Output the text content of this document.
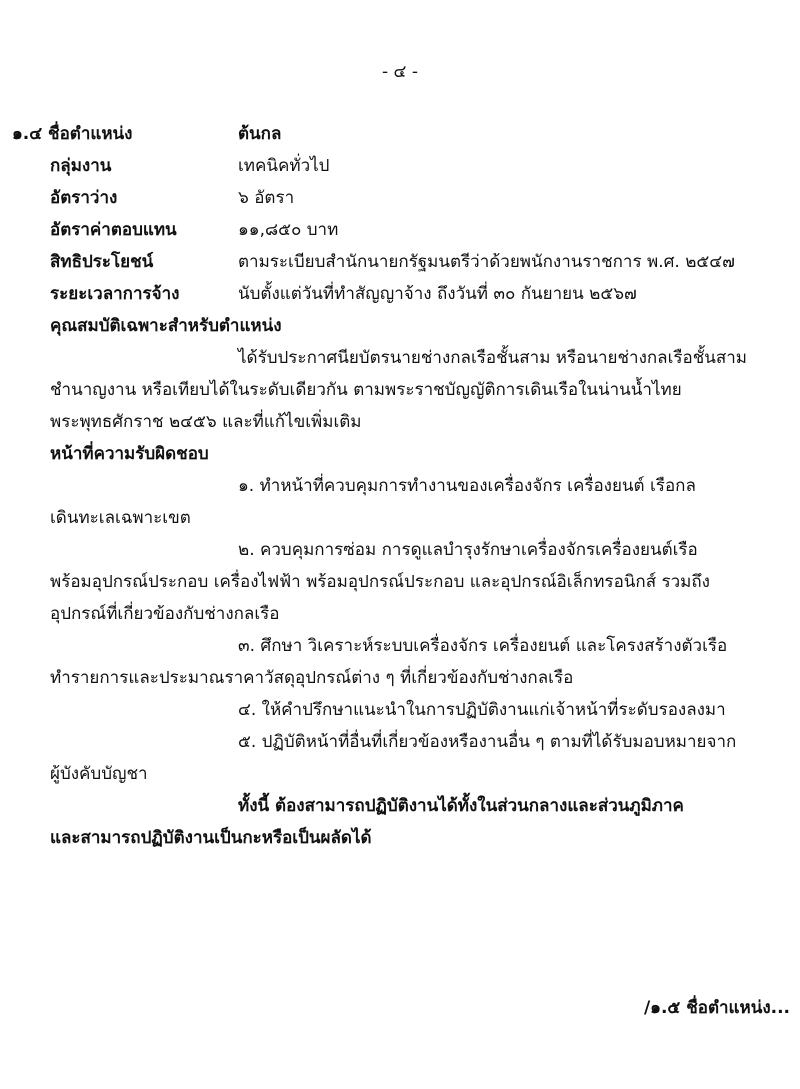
- ๔ -
๑.๔ ชื่อตำแหน่ง	ต้นกล
กลุ่มงาน	เทคนิคทั่วไป
อัตราว่าง	๖ อัตรา
อัตราค่าตอบแทน	๑๑,๘๕๐ บาท
สิทธิประโยชน์	ตามระเบียบสำนักนายกรัฐมนตรีว่าด้วยพนักงานราชการ พ.ศ. ๒๕๔๗
ระยะเวลาการจ้าง	นับตั้งแต่วันที่ทำสัญญาจ้าง ถึงวันที่ ๓๐ กันยายน ๒๕๖๗
คุณสมบัติเฉพาะสำหรับตำแหน่ง
ได้รับประกาศนียบัตรนายช่างกลเรือชั้นสาม หรือนายช่างกลเรือชั้นสาม
ชำนาญงาน หรือเทียบได้ในระดับเดียวกัน ตามพระราชบัญญัติการเดินเรือในน่านน้ำไทย
พระพุทธศักราช ๒๔๕๖ และที่แก้ไขเพิ่มเติม
หน้าที่ความรับผิดชอบ
๑. ทำหน้าที่ควบคุมการทำงานของเครื่องจักร เครื่องยนต์ เรือกล
เดินทะเลเฉพาะเขต
๒. ควบคุมการซ่อม การดูแลบำรุงรักษาเครื่องจักรเครื่องยนต์เรือ
พร้อมอุปกรณ์ประกอบ เครื่องไฟฟ้า พร้อมอุปกรณ์ประกอบ และอุปกรณ์อิเล็กทรอนิกส์ รวมถึง
อุปกรณ์ที่เกี่ยวข้องกับช่างกลเรือ
๓. ศึกษา วิเคราะห์ระบบเครื่องจักร เครื่องยนต์ และโครงสร้างตัวเรือ
ทำรายการและประมาณราคาวัสดุอุปกรณ์ต่าง ๆ ที่เกี่ยวข้องกับช่างกลเรือ
๔. ให้คำปรึกษาแนะนำในการปฏิบัติงานแก่เจ้าหน้าที่ระดับรองลงมา
๕. ปฏิบัติหน้าที่อื่นที่เกี่ยวข้องหรืองานอื่น ๆ ตามที่ได้รับมอบหมายจาก
ผู้บังคับบัญชา
ทั้งนี้ ต้องสามารถปฏิบัติงานได้ทั้งในส่วนกลางและส่วนภูมิภาค
และสามารถปฏิบัติงานเป็นกะหรือเป็นผลัดได้
/๑.๕ ชื่อตำแหน่ง...
